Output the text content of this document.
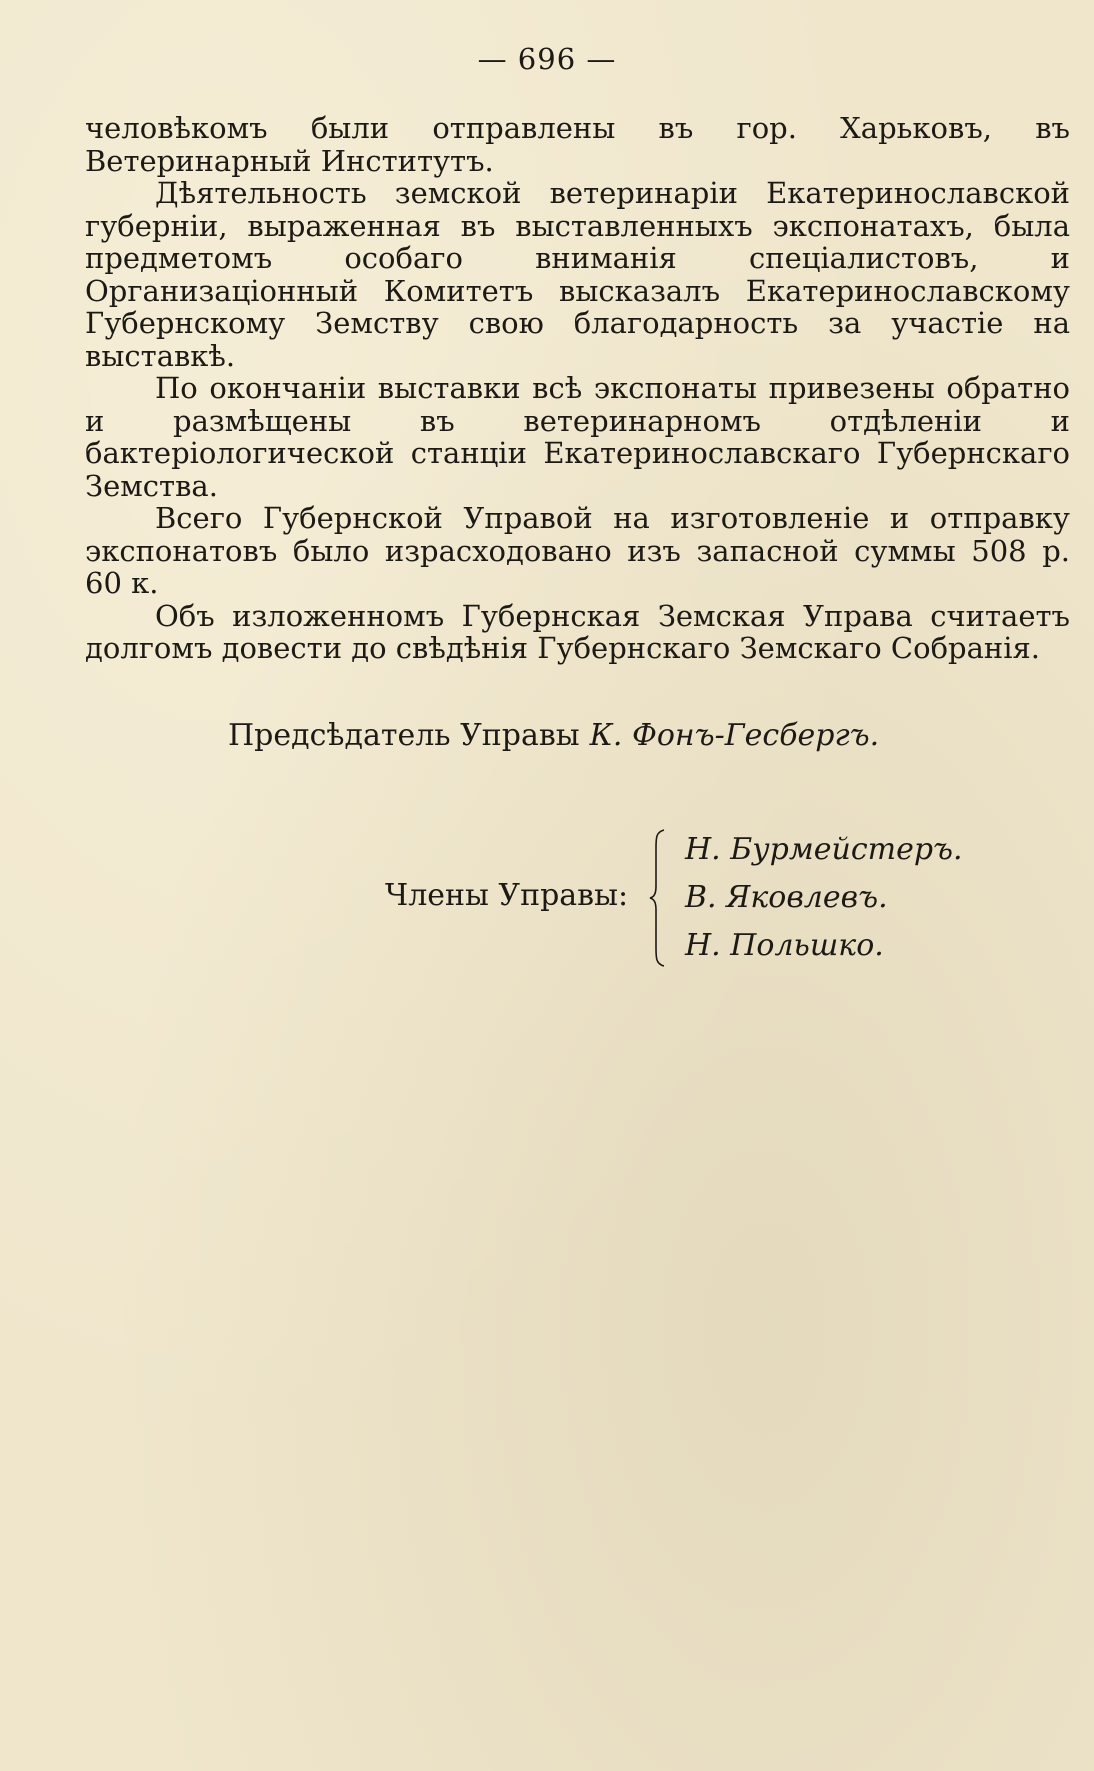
— 696 —

человѣкомъ были отправлены въ гор. Харьковъ, въ Ветеринарный Институтъ.

Дѣятельность земской ветеринаріи Екатеринославской губерніи, выраженная въ выставленныхъ экспонатахъ, была предметомъ особаго вниманія спеціалистовъ, и Организаціонный Комитетъ высказалъ Екатеринославскому Губернскому Земству свою благодарность за участіе на выставкѣ.

По окончаніи выставки всѣ экспонаты привезены обратно и размѣщены въ ветеринарномъ отдѣленіи и бактеріологической станціи Екатеринославскаго Губернскаго Земства.

Всего Губернской Управой на изготовленіе и отправку экспонатовъ было израсходовано изъ запасной суммы 508 р. 60 к.

Объ изложенномъ Губернская Земская Управа считаетъ долгомъ довести до свѣдѣнія Губернскаго Земскаго Собранія.

Предсѣдатель Управы К. Фонъ-Гесбергъ.
Члены Управы:
Н. Бурмейстеръ.
В. Яковлевъ.
Н. Польшко.
